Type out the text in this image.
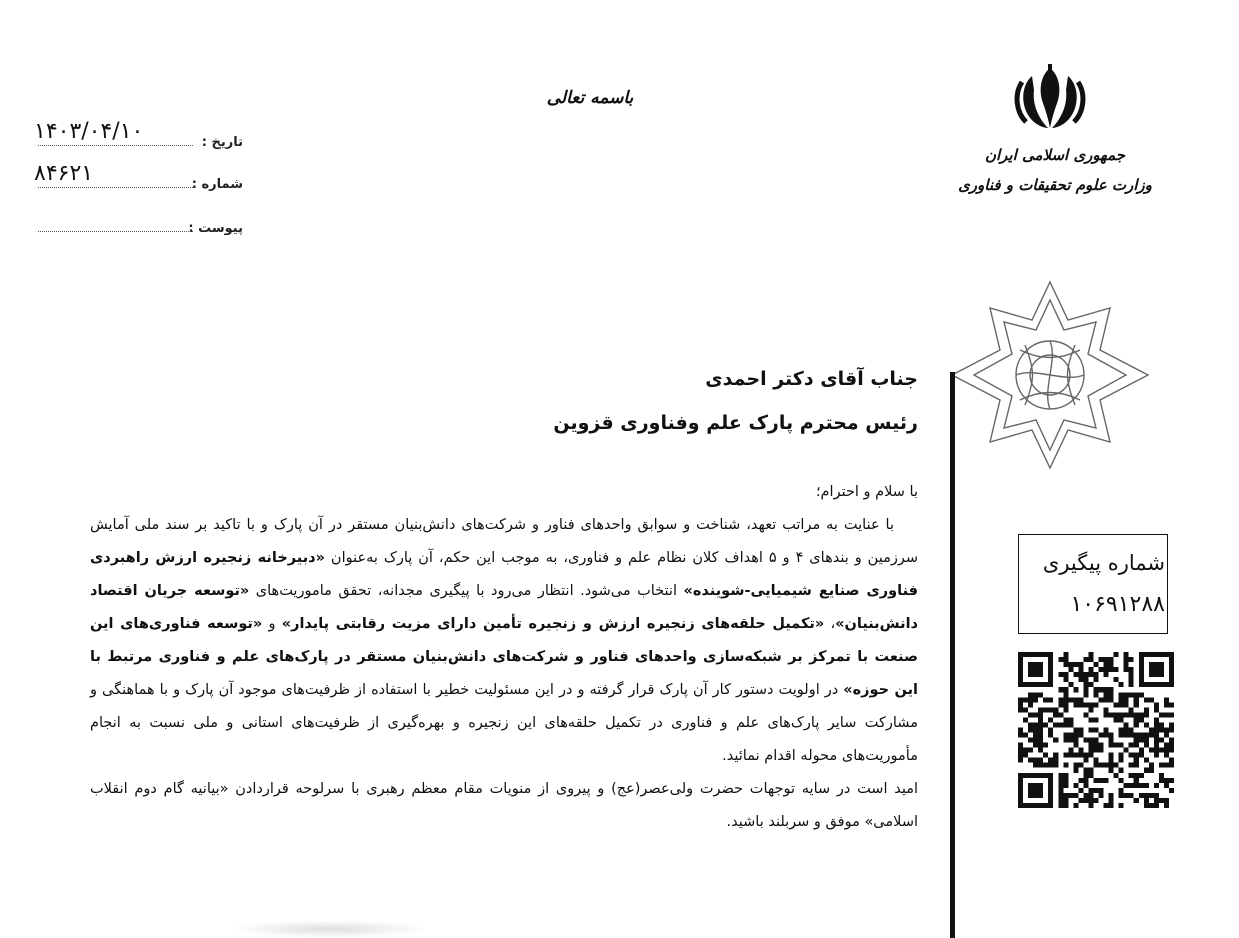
تاریخ :
۱۴۰۳/۰۴/۱۰
شماره :
۸۴۶۲۱
پیوست :
باسمه تعالی
جمهوری اسلامی ایران
وزارت علوم تحقیقات و فناوری
شماره پیگیری
۱۰۶۹۱۲۸۸
جناب آقای دکتر احمدی
رئیس محترم پارک علم وفناوری قزوین

با سلام و احترام؛

با عنایت به مراتب تعهد، شناخت و سوابق واحدهای فناور و شرکت‌های دانش‌بنیان مستقر در آن پارک و با تاکید بر سند ملی آمایش سرزمین و بندهای ۴ و ۵ اهداف کلان نظام علم و فناوری، به موجب این حکم، آن پارک به‌عنوان «دبیرخانه زنجیره ارزش راهبردی فناوری صنایع شیمیایی-شوینده» انتخاب می‌شود. انتظار می‌رود با پیگیری مجدانه، تحقق ماموریت‌های «توسعه جریان اقتصاد دانش‌بنیان»، «تکمیل حلقه‌های زنجیره ارزش و زنجیره تأمین دارای مزیت رقابتی پایدار» و «توسعه فناوری‌های این صنعت با تمرکز بر شبکه‌سازی واحدهای فناور و شرکت‌های دانش‌بنیان مستقر در پارک‌های علم و فناوری مرتبط با این حوزه» در اولویت دستور کار آن پارک قرار گرفته و در این مسئولیت خطیر با استفاده از ظرفیت‌های موجود آن پارک و با هماهنگی و مشارکت سایر پارک‌های علم و فناوری در تکمیل حلقه‌های این زنجیره و بهره‌گیری از ظرفیت‌های استانی و ملی نسبت به انجام مأموریت‌های محوله اقدام نمائید.

امید است در سایه توجهات حضرت ولی‌عصر(عج) و پیروی از منویات مقام معظم رهبری با سرلوحه قراردادن «بیانیه گام دوم انقلاب اسلامی» موفق و سربلند باشید.
